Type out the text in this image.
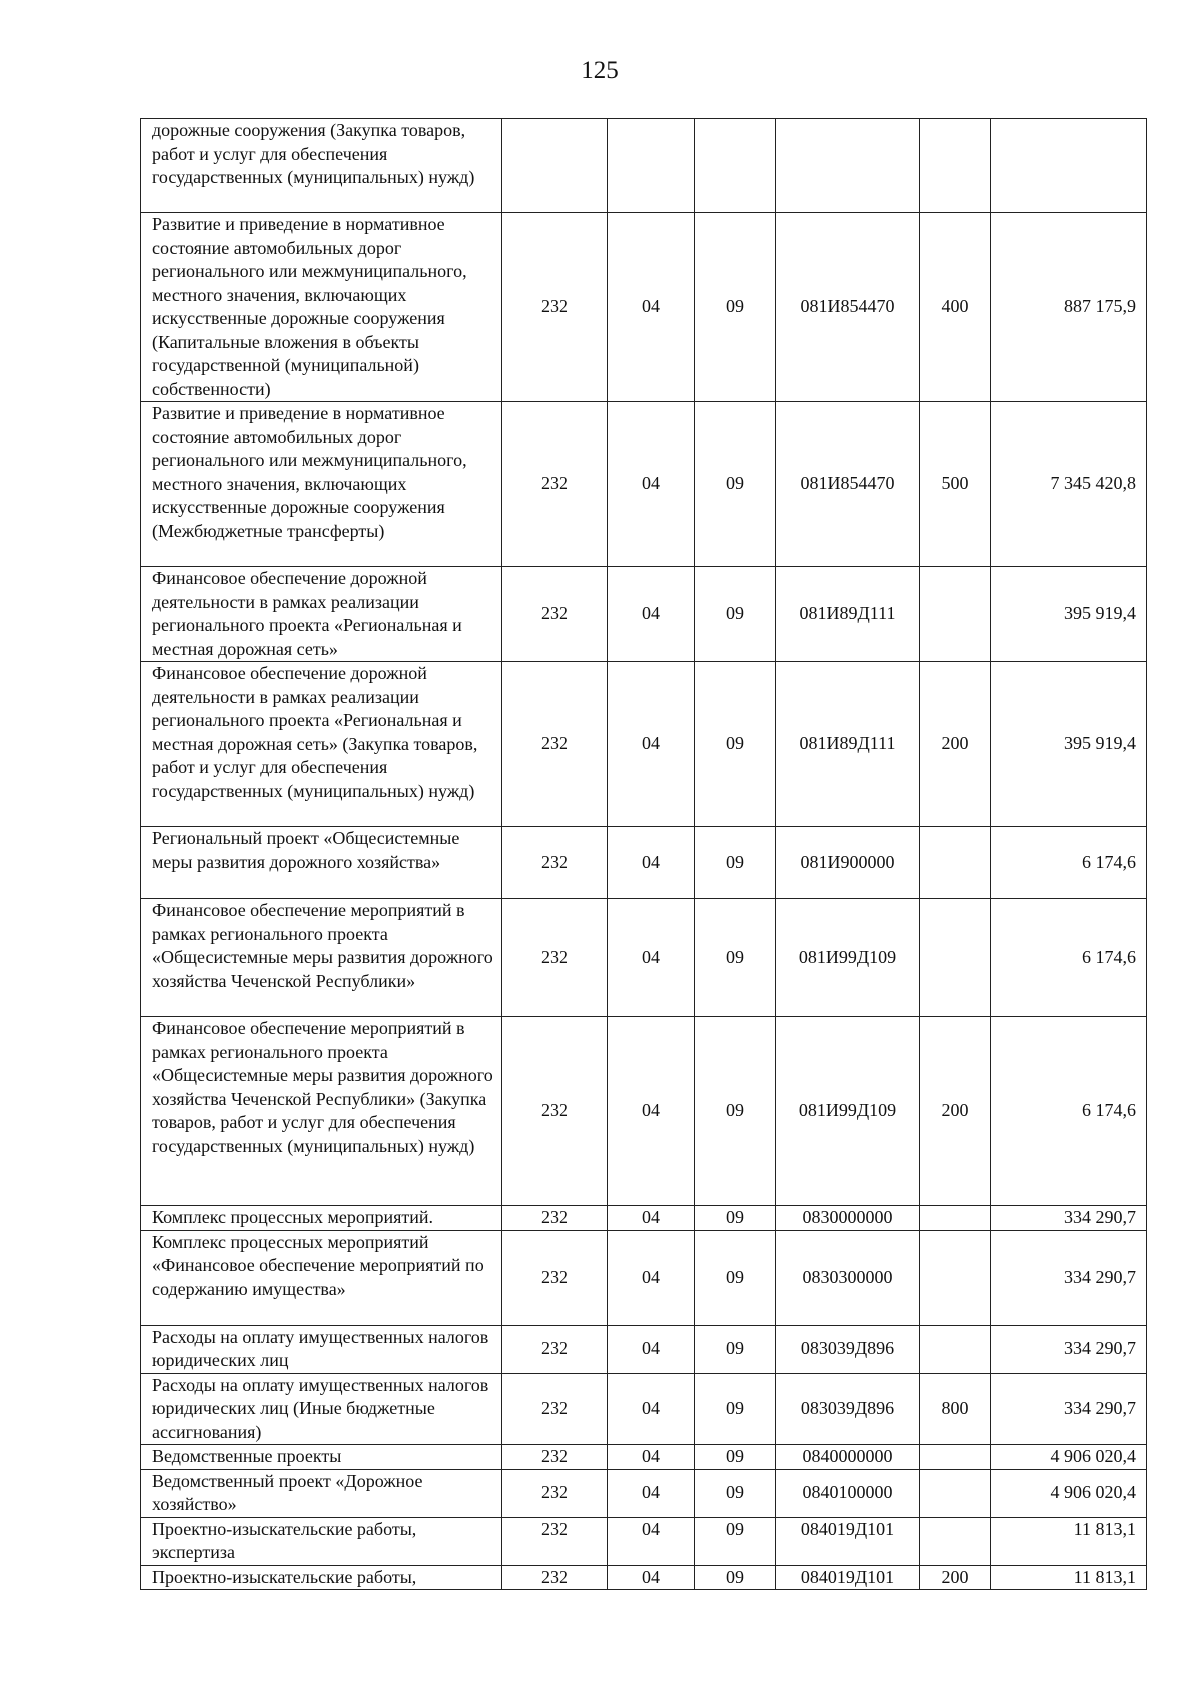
125
дорожные сооружения (Закупка товаров, работ и услуг для обеспечения государственных (муниципальных) нужд)						
Развитие и приведение в нормативное состояние автомобильных дорог регионального или межмуниципального, местного значения, включающих искусственные дорожные сооружения (Капитальные вложения в объекты государственной (муниципальной) собственности)	232	04	09	081И854470	400	887 175,9
Развитие и приведение в нормативное состояние автомобильных дорог регионального или межмуниципального, местного значения, включающих искусственные дорожные сооружения (Межбюджетные трансферты)	232	04	09	081И854470	500	7 345 420,8
Финансовое обеспечение дорожной деятельности в рамках реализации регионального проекта «Региональная и местная дорожная сеть»	232	04	09	081И89Д111		395 919,4
Финансовое обеспечение дорожной деятельности в рамках реализации регионального проекта «Региональная и местная дорожная сеть» (Закупка товаров, работ и услуг для обеспечения государственных (муниципальных) нужд)	232	04	09	081И89Д111	200	395 919,4
Региональный проект «Общесистемные меры развития дорожного хозяйства»	232	04	09	081И900000		6 174,6
Финансовое обеспечение мероприятий в рамках регионального проекта «Общесистемные меры развития дорожного хозяйства Чеченской Республики»	232	04	09	081И99Д109		6 174,6
Финансовое обеспечение мероприятий в рамках регионального проекта «Общесистемные меры развития дорожного хозяйства Чеченской Республики» (Закупка товаров, работ и услуг для обеспечения государственных (муниципальных) нужд)	232	04	09	081И99Д109	200	6 174,6
Комплекс процессных мероприятий.	232	04	09	0830000000		334 290,7
Комплекс процессных мероприятий «Финансовое обеспечение мероприятий по содержанию имущества»	232	04	09	0830300000		334 290,7
Расходы на оплату имущественных налогов юридических лиц	232	04	09	083039Д896		334 290,7
Расходы на оплату имущественных налогов юридических лиц (Иные бюджетные ассигнования)	232	04	09	083039Д896	800	334 290,7
Ведомственные проекты	232	04	09	0840000000		4 906 020,4
Ведомственный проект «Дорожное хозяйство»	232	04	09	0840100000		4 906 020,4
Проектно-изыскательские работы, экспертиза	232	04	09	084019Д101		11 813,1
Проектно-изыскательские работы,	232	04	09	084019Д101	200	11 813,1
